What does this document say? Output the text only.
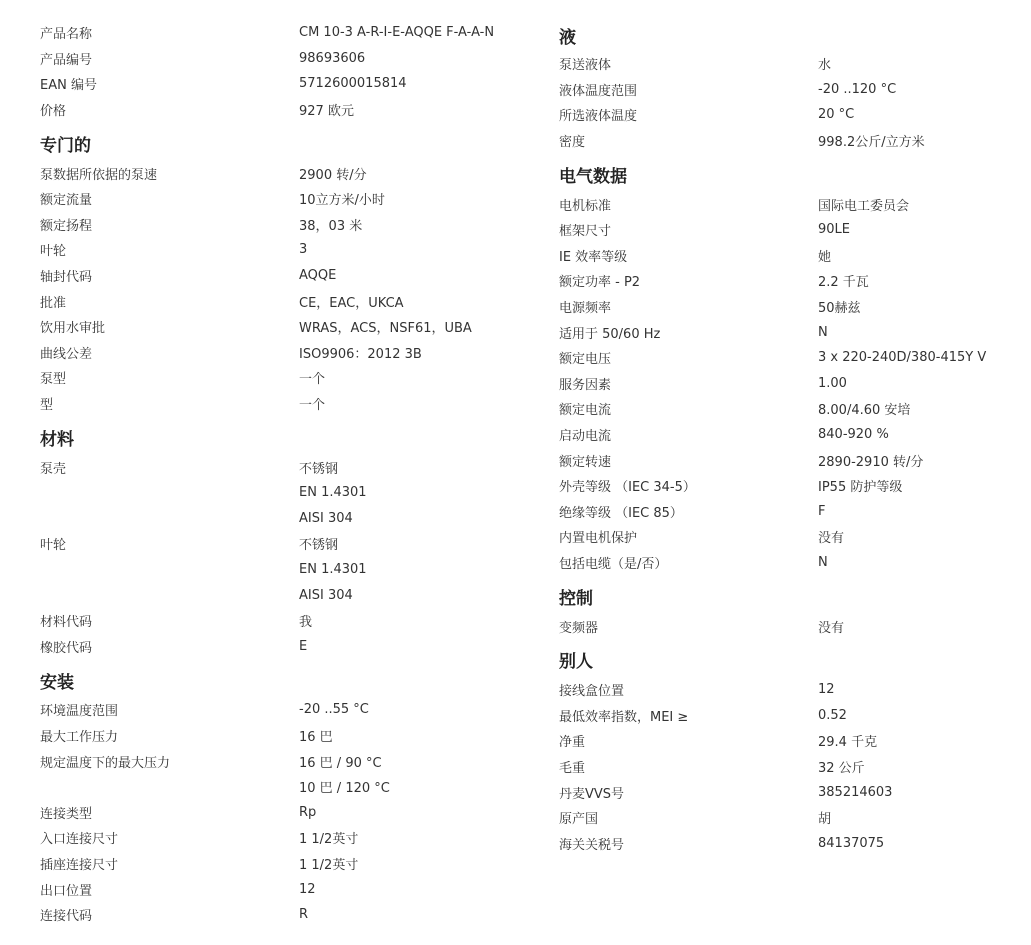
产品名称	CM 10-3 A-R-I-E-AQQE F-A-A-N
产品编号	98693606
EAN 编号	5712600015814
价格	927 欧元
专门的
泵数据所依据的泵速	2900 转/分
额定流量	10立方米/小时
额定扬程	38，03 米
叶轮	3
轴封代码	AQQE
批准	CE，EAC，UKCA
饮用水审批	WRAS，ACS，NSF61，UBA
曲线公差	ISO9906：2012 3B
泵型	一个
型	一个
材料
泵壳	不锈钢
EN 1.4301
AISI 304
叶轮	不锈钢
EN 1.4301
AISI 304
材料代码	我
橡胶代码	E
安装
环境温度范围	-20 ..55 °C
最大工作压力	16 巴
规定温度下的最大压力	16 巴 / 90 °C
10 巴 / 120 °C
连接类型	Rp
入口连接尺寸	1 1/2英寸
插座连接尺寸	1 1/2英寸
出口位置	12
连接代码	R
液
泵送液体	水
液体温度范围	-20 ..120 °C
所选液体温度	20 °C
密度	998.2公斤/立方米
电气数据
电机标准	国际电工委员会
框架尺寸	90LE
IE 效率等级	她
额定功率 - P2	2.2 千瓦
电源频率	50赫兹
适用于 50/60 Hz	N
额定电压	3 x 220-240D/380-415Y V
服务因素	1.00
额定电流	8.00/4.60 安培
启动电流	840-920 %
额定转速	2890-2910 转/分
外壳等级 （IEC 34-5）	IP55 防护等级
绝缘等级 （IEC 85）	F
内置电机保护	没有
包括电缆（是/否）	N
控制
变频器	没有
别人
接线盒位置	12
最低效率指数，MEI ≥	0.52
净重	29.4 千克
毛重	32 公斤
丹麦VVS号	385214603
原产国	胡
海关关税号	84137075
